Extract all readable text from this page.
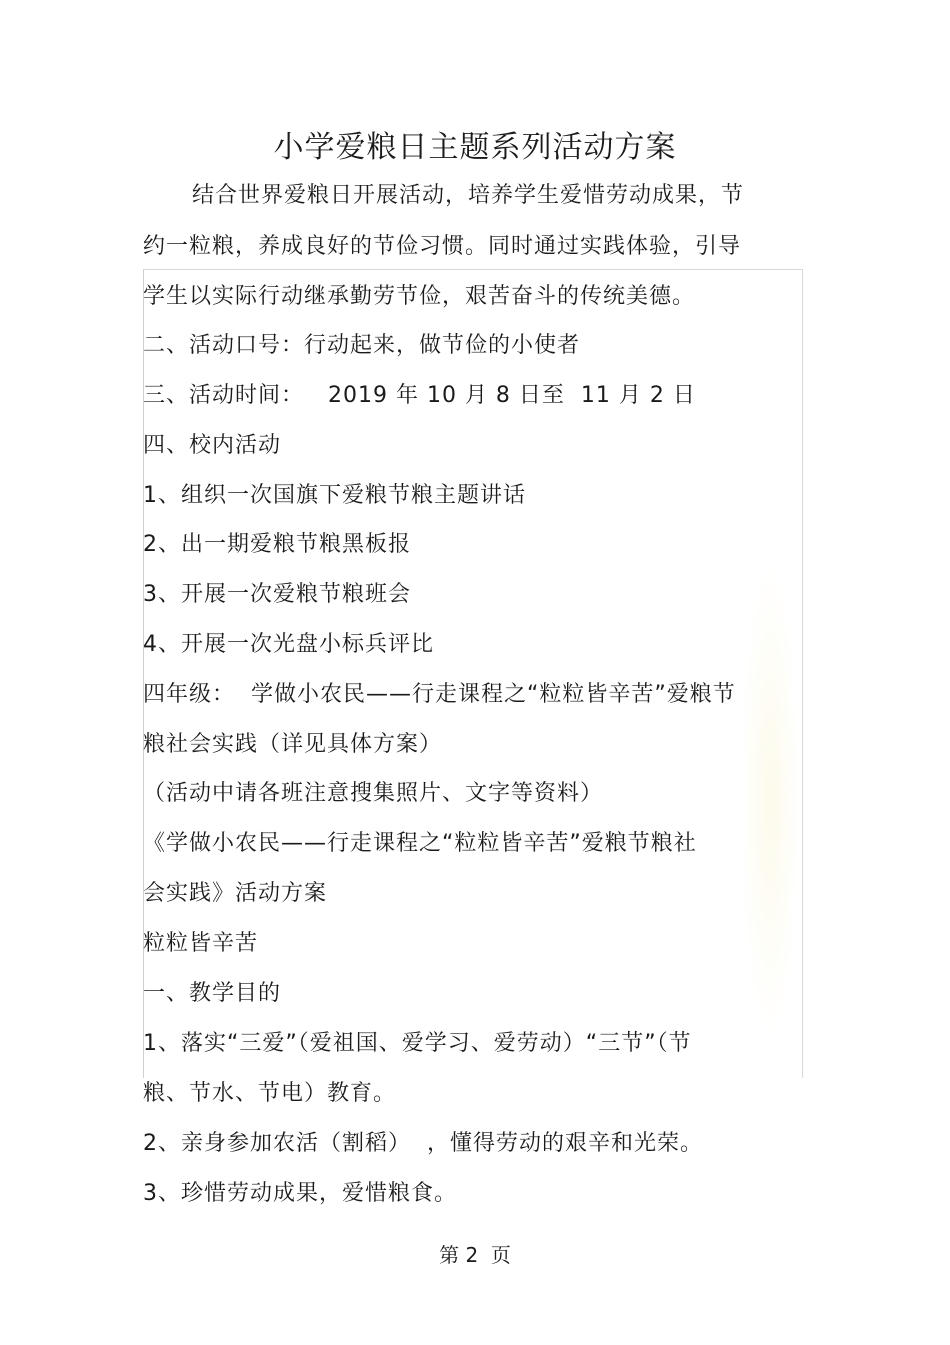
小学爱粮日主题系列活动方案
结合世界爱粮日开展活动，培养学生爱惜劳动成果，节
约一粒粮，养成良好的节俭习惯。同时通过实践体验，引导
学生以实际行动继承勤劳节俭，艰苦奋斗的传统美德。
二、活动口号：行动起来，做节俭的小使者
三、活动时间：   2019 年 10 月 8 日至  11 月 2 日
四、校内活动
1、组织一次国旗下爱粮节粮主题讲话
2、出一期爱粮节粮黑板报
3、开展一次爱粮节粮班会
4、开展一次光盘小标兵评比
四年级：  学做小农民——行走课程之“粒粒皆辛苦”爱粮节
粮社会实践（详见具体方案）
（活动中请各班注意搜集照片、文字等资料）
《学做小农民——行走课程之“粒粒皆辛苦”爱粮节粮社
会实践》活动方案
粒粒皆辛苦
一、教学目的
1、落实“三爱”（爱祖国、爱学习、爱劳动）“三节”（节
粮、节水、节电）教育。
2、亲身参加农活（割稻）  ，懂得劳动的艰辛和光荣。
3、珍惜劳动成果，爱惜粮食。
第 2  页
